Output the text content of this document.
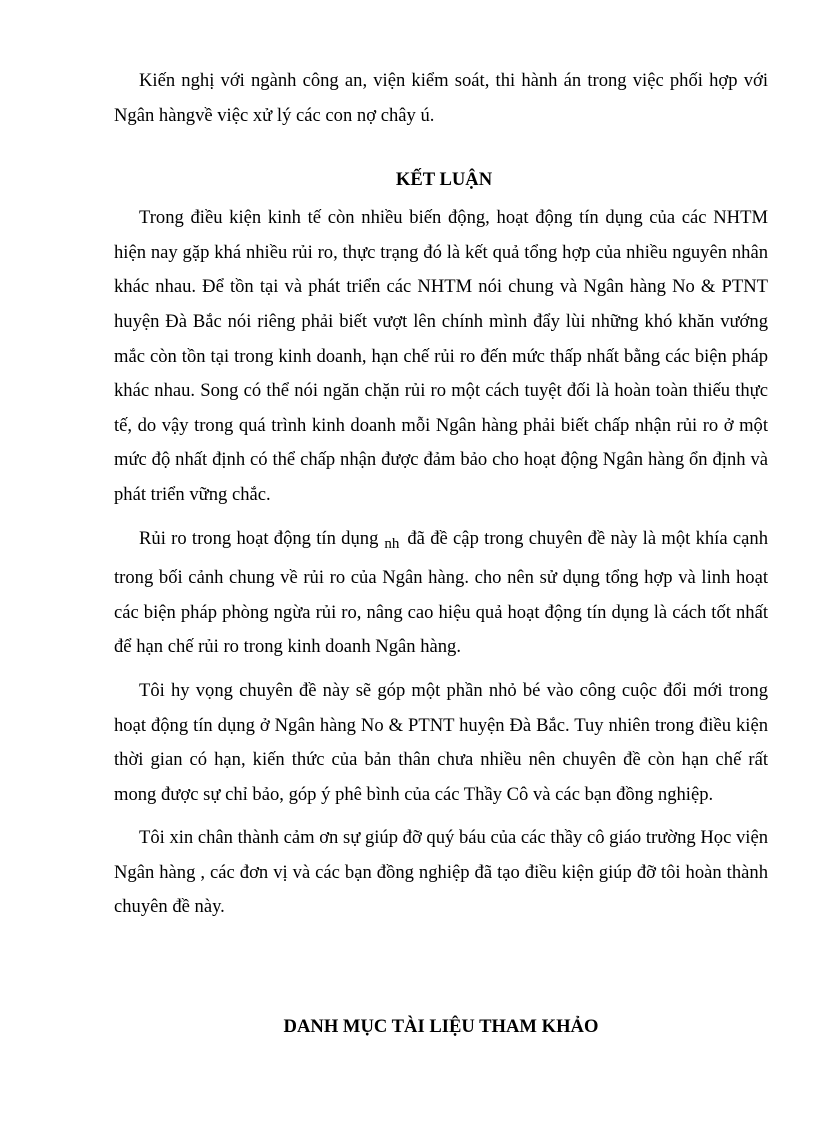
Kiến nghị với ngành công an, viện kiểm soát, thi hành án trong việc phối hợp với Ngân hàngvề việc xử lý các con nợ chây ú.

KẾT LUẬN

Trong điều kiện kinh tế còn nhiều biến động, hoạt động tín dụng của các NHTM hiện nay gặp khá nhiều rủi ro, thực trạng đó là kết quả tổng hợp của nhiều nguyên nhân khác nhau. Để tồn tại và phát triển các NHTM nói chung và Ngân hàng No & PTNT huyện Đà Bắc nói riêng phải biết vượt lên chính mình đẩy lùi những khó khăn vướng mắc còn tồn tại trong kinh doanh, hạn chế rủi ro đến mức thấp nhất bằng các biện pháp khác nhau. Song có thể nói ngăn chặn rủi ro một cách tuyệt đối là hoàn toàn thiếu thực tế, do vậy trong quá trình kinh doanh mỗi Ngân hàng phải biết chấp nhận rủi ro ở một mức độ nhất định có thể chấp nhận được đảm bảo cho hoạt động Ngân hàng ổn định và phát triển vững chắc.

Rủi ro trong hoạt động tín dụng $_{nh}$ đã đề cập trong chuyên đề này là một khía cạnh trong bối cảnh chung về rủi ro của Ngân hàng. cho nên sử dụng tổng hợp và linh hoạt các biện pháp phòng ngừa rủi ro, nâng cao hiệu quả hoạt động tín dụng là cách tốt nhất để hạn chế rủi ro trong kinh doanh Ngân hàng.

Tôi hy vọng chuyên đề này sẽ góp một phần nhỏ bé vào công cuộc đổi mới trong hoạt động tín dụng ở Ngân hàng No & PTNT huyện Đà Bắc. Tuy nhiên trong điều kiện thời gian có hạn, kiến thức của bản thân chưa nhiều nên chuyên đề còn hạn chế rất mong được sự chỉ bảo, góp ý phê bình của các Thầy Cô và các bạn đồng nghiệp.

Tôi xin chân thành cảm ơn sự giúp đỡ quý báu của các thầy cô giáo trường Học viện Ngân hàng , các đơn vị và các bạn đồng nghiệp đã tạo điều kiện giúp đỡ tôi hoàn thành chuyên đề này.

DANH MỤC TÀI LIỆU THAM KHẢO
